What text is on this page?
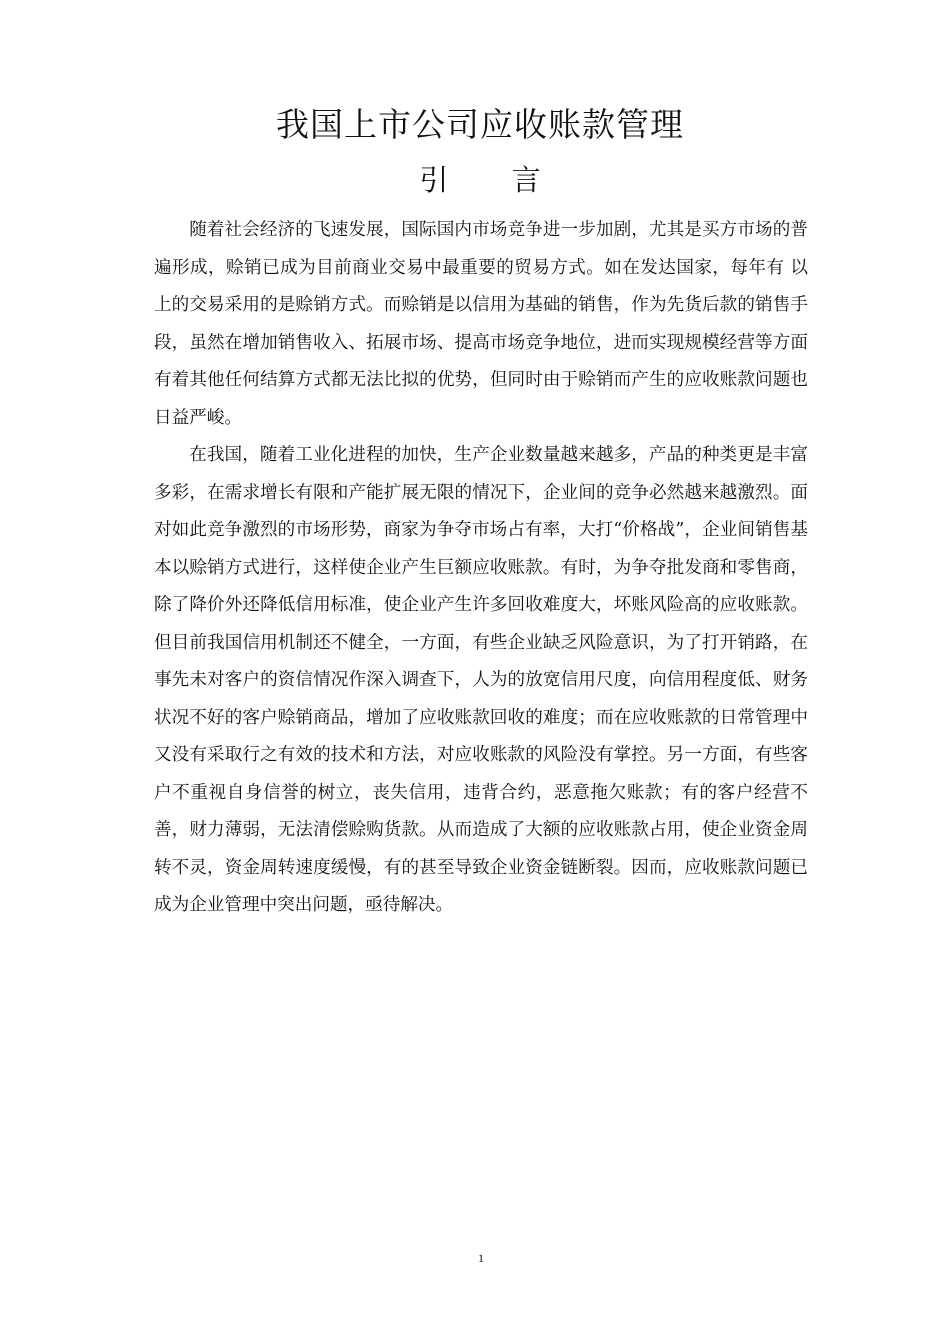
我国上市公司应收账款管理
引 言

随着社会经济的飞速发展，国际国内市场竞争进一步加剧，尤其是买方市场的普遍形成，赊销已成为目前商业交易中最重要的贸易方式。如在发达国家，每年有 以上的交易采用的是赊销方式。而赊销是以信用为基础的销售，作为先货后款的销售手段，虽然在增加销售收入、拓展市场、提高市场竞争地位，进而实现规模经营等方面有着其他任何结算方式都无法比拟的优势，但同时由于赊销而产生的应收账款问题也日益严峻。

在我国，随着工业化进程的加快，生产企业数量越来越多，产品的种类更是丰富多彩，在需求增长有限和产能扩展无限的情况下，企业间的竞争必然越来越激烈。面对如此竞争激烈的市场形势，商家为争夺市场占有率，大打“价格战”，企业间销售基本以赊销方式进行，这样使企业产生巨额应收账款。有时，为争夺批发商和零售商，除了降价外还降低信用标准，使企业产生许多回收难度大，坏账风险高的应收账款。但目前我国信用机制还不健全，一方面，有些企业缺乏风险意识，为了打开销路，在事先未对客户的资信情况作深入调查下，人为的放宽信用尺度，向信用程度低、财务状况不好的客户赊销商品，增加了应收账款回收的难度；而在应收账款的日常管理中又没有采取行之有效的技术和方法，对应收账款的风险没有掌控。另一方面，有些客户不重视自身信誉的树立，丧失信用，违背合约，恶意拖欠账款；有的客户经营不善，财力薄弱，无法清偿赊购货款。从而造成了大额的应收账款占用，使企业资金周转不灵，资金周转速度缓慢，有的甚至导致企业资金链断裂。因而，应收账款问题已成为企业管理中突出问题，亟待解决。

1
